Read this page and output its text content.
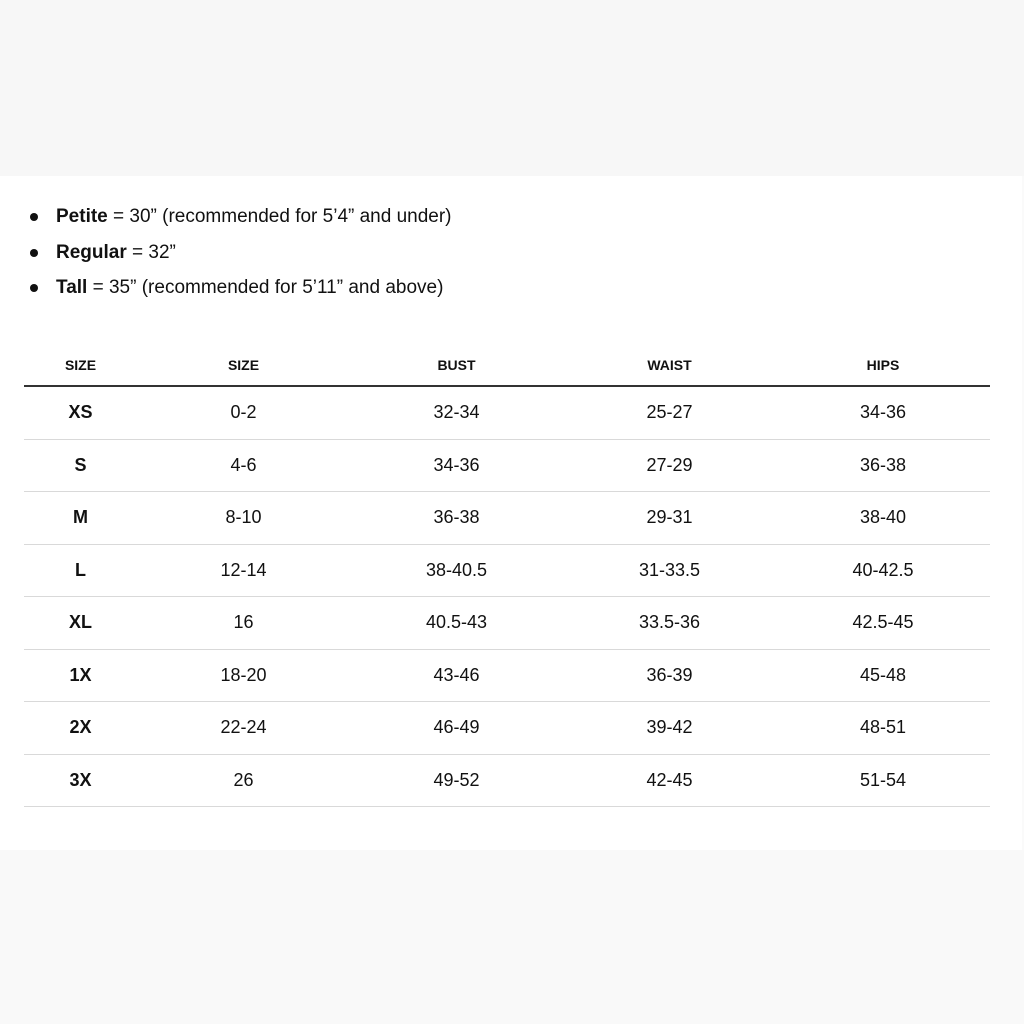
Petite = 30” (recommended for 5’4” and under)
Regular = 32”
Tall = 35” (recommended for 5’11” and above)
SIZE	SIZE	BUST	WAIST	HIPS
XS	0-2	32-34	25-27	34-36
S	4-6	34-36	27-29	36-38
M	8-10	36-38	29-31	38-40
L	12-14	38-40.5	31-33.5	40-42.5
XL	16	40.5-43	33.5-36	42.5-45
1X	18-20	43-46	36-39	45-48
2X	22-24	46-49	39-42	48-51
3X	26	49-52	42-45	51-54
